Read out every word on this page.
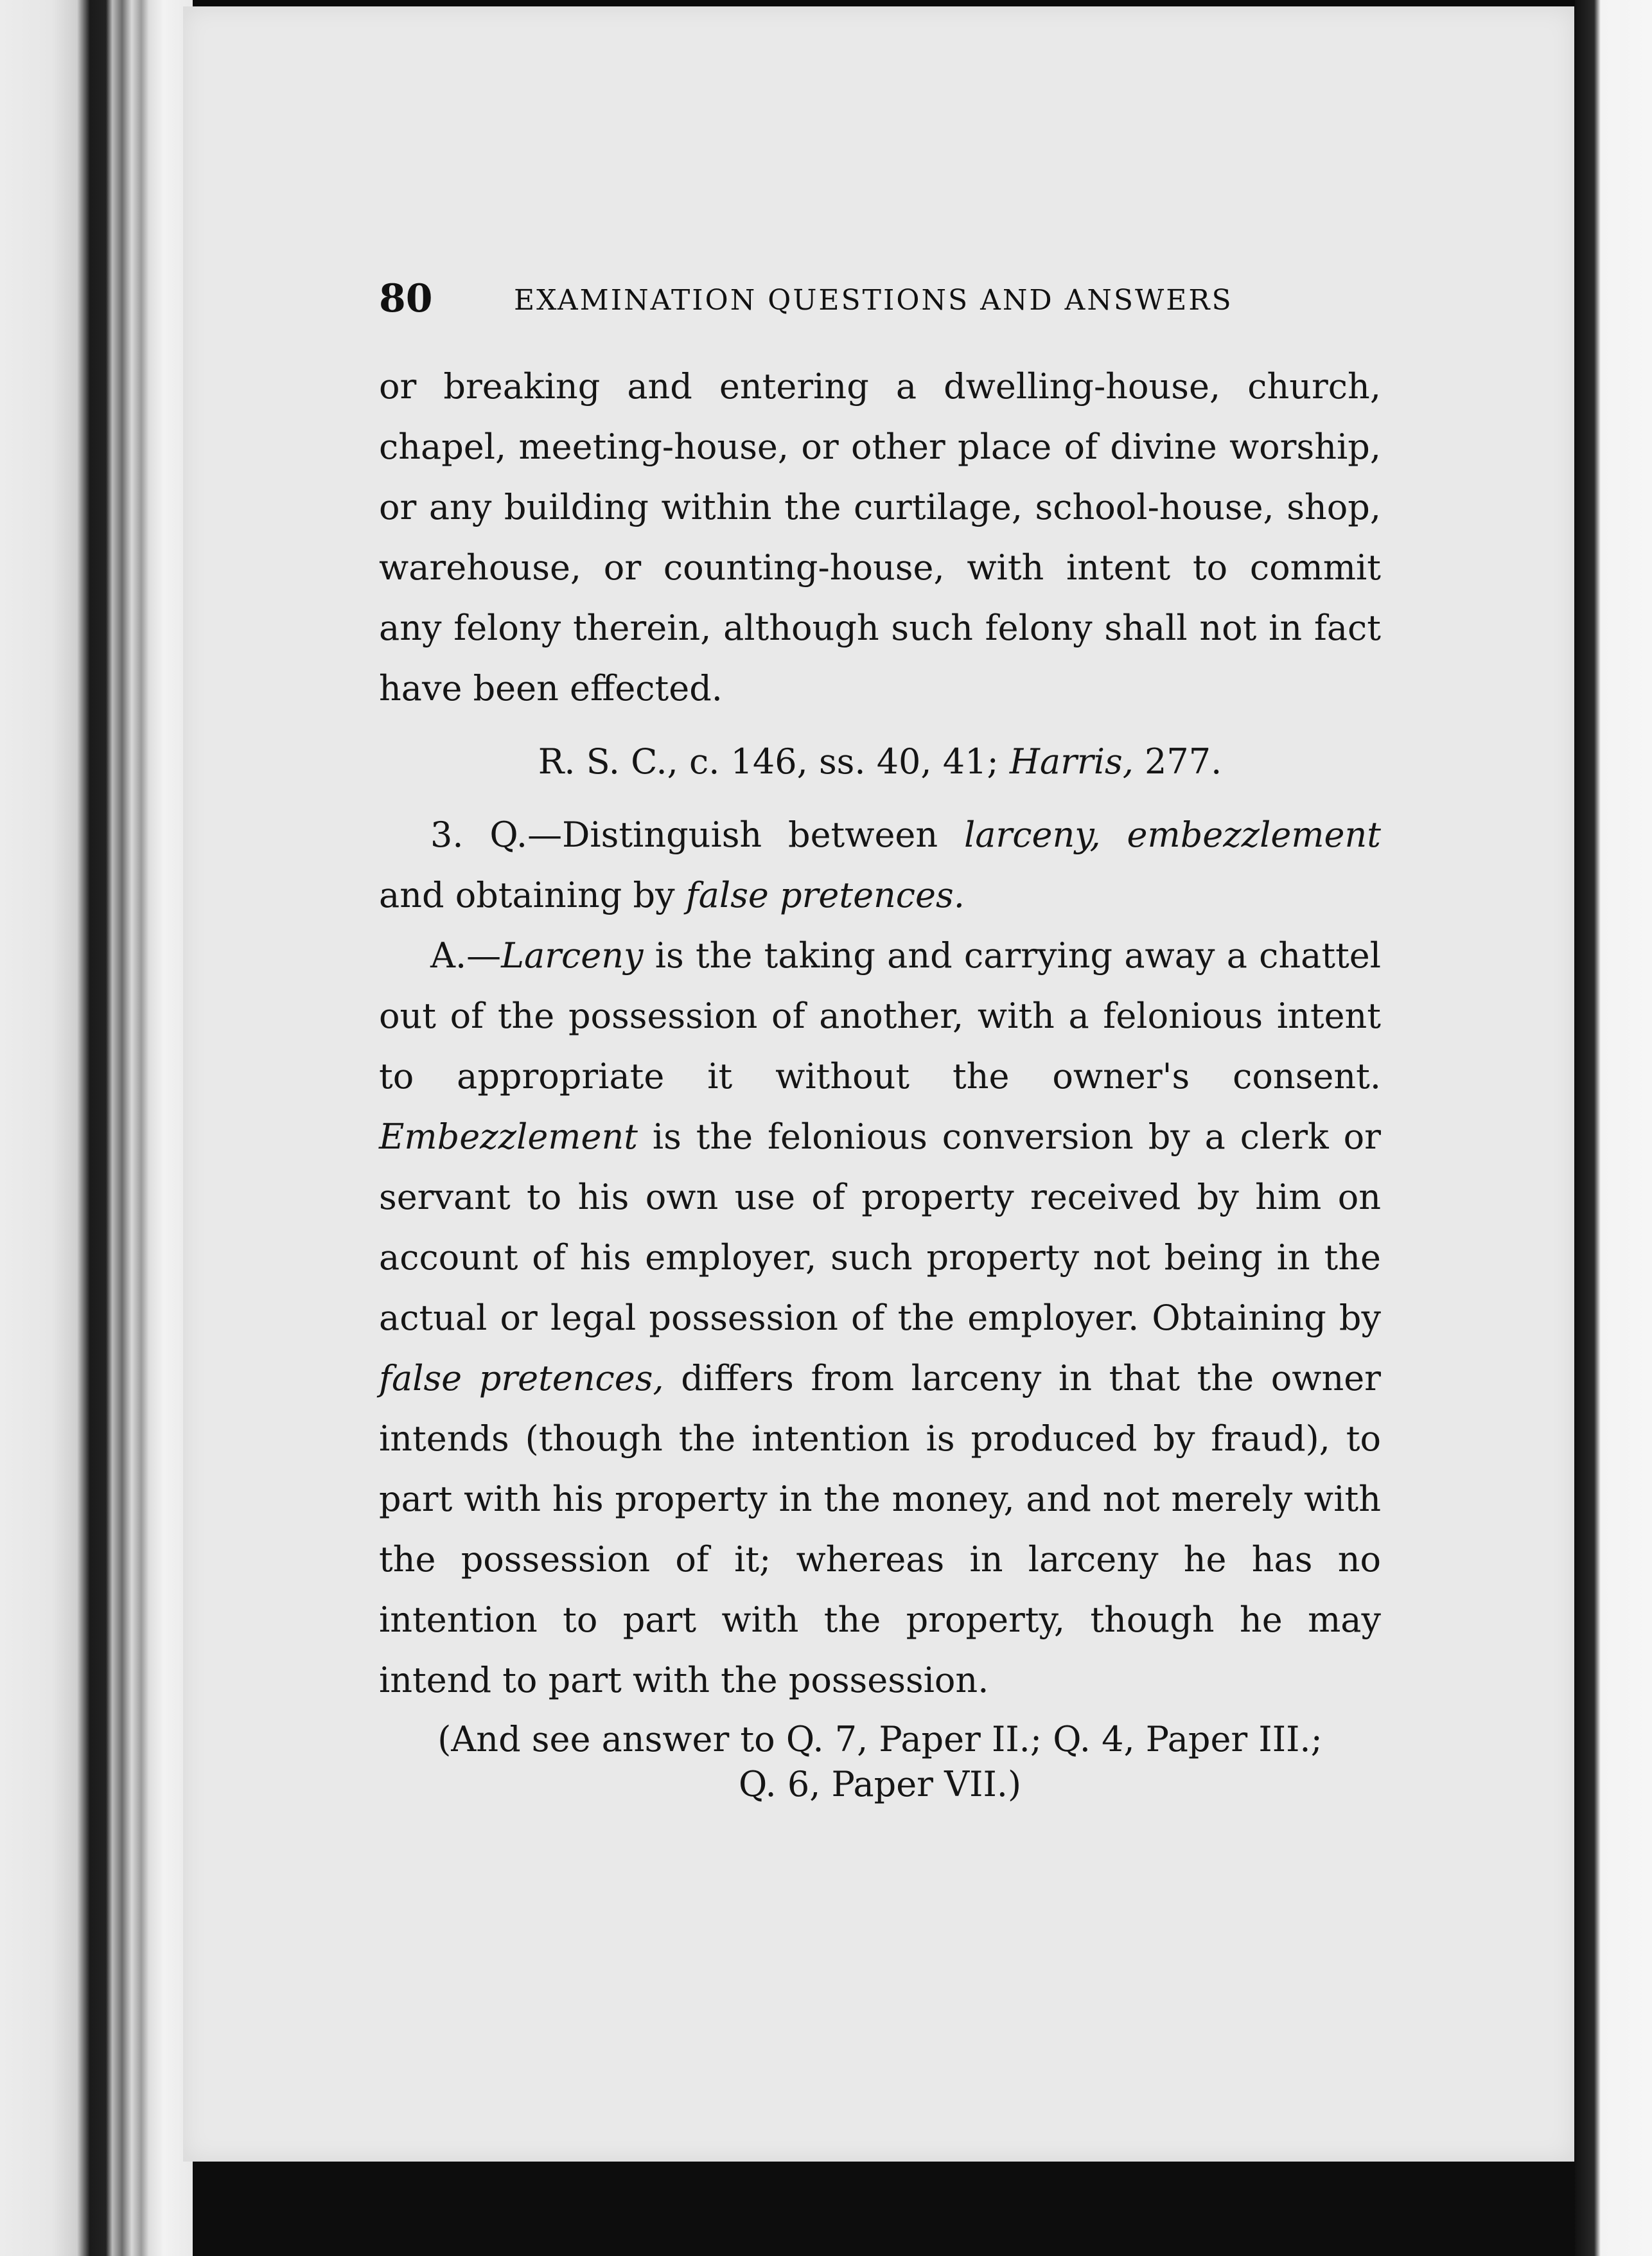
80	EXAMINATION QUESTIONS AND ANSWERS

or breaking and entering a dwelling-house, church, chapel, meeting-house, or other place of divine worship, or any building within the curtilage, school-house, shop, warehouse, or counting-house, with intent to commit any felony therein, although such felony shall not in fact have been effected.

R. S. C., c. 146, ss. 40, 41; Harris, 277.

3. Q.—Distinguish between larceny, embezzlement and obtaining by false pretences.

A.—Larceny is the taking and carrying away a chattel out of the possession of another, with a felonious intent to appropriate it without the owner's consent. Embezzlement is the felonious conversion by a clerk or servant to his own use of property received by him on account of his employer, such property not being in the actual or legal possession of the employer. Obtaining by false pretences, differs from larceny in that the owner intends (though the intention is produced by fraud), to part with his property in the money, and not merely with the possession of it; whereas in larceny he has no intention to part with the property, though he may intend to part with the possession.

(And see answer to Q. 7, Paper II.; Q. 4, Paper III.;
Q. 6, Paper VII.)
